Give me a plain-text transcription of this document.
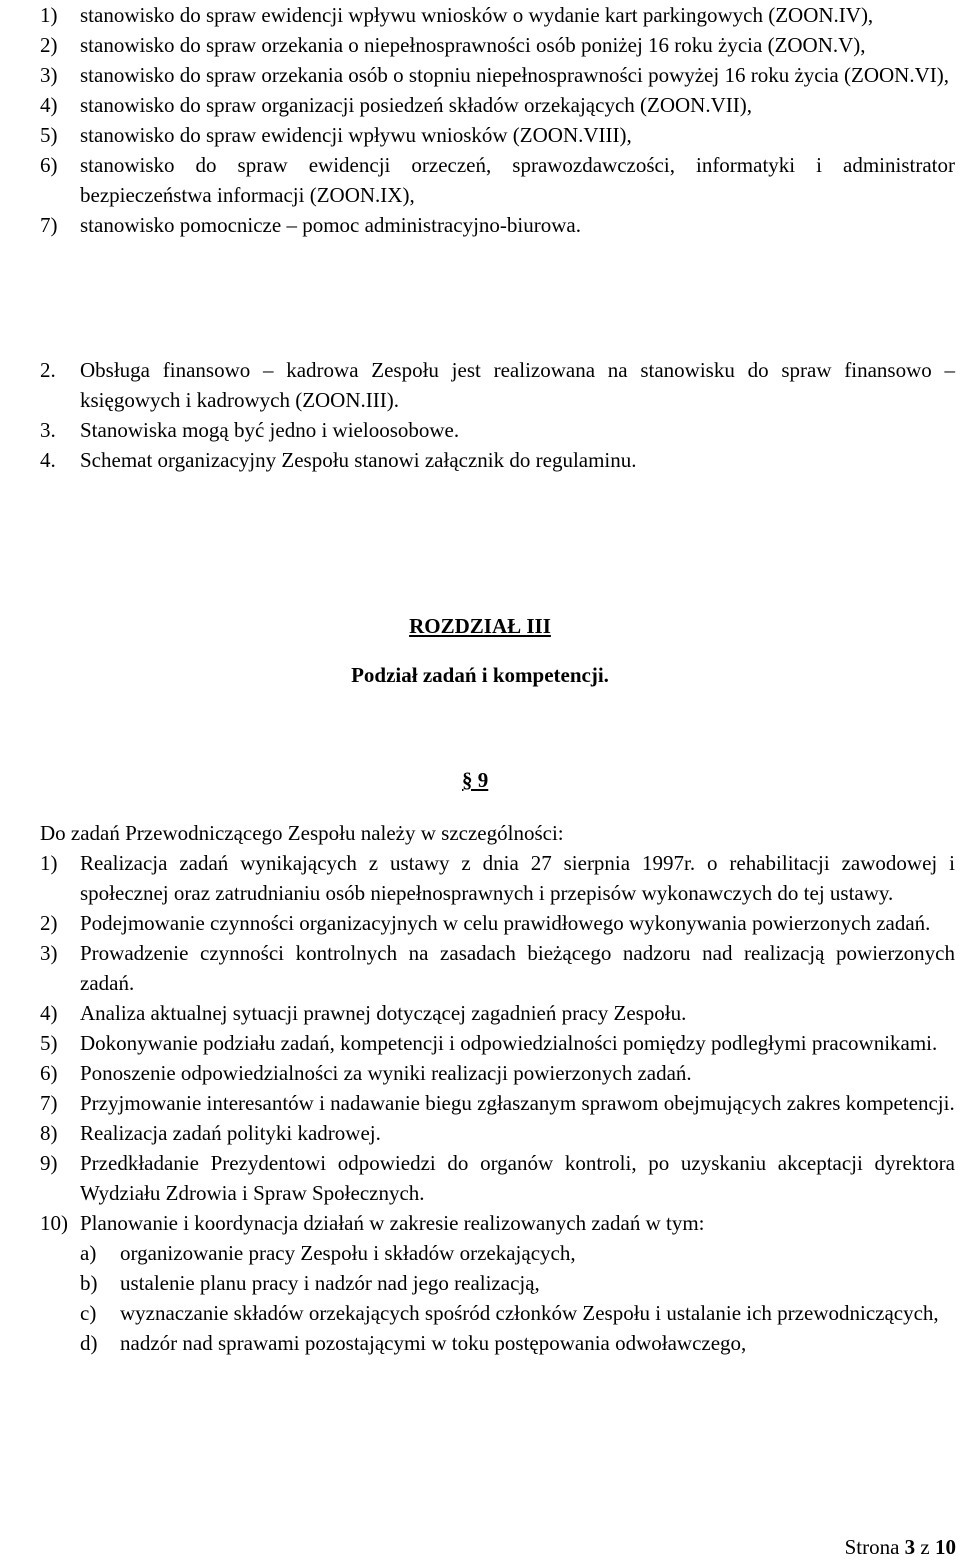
1)	stanowisko do spraw ewidencji wpływu wniosków o wydanie kart parkingowych (ZOON.IV),
2)	stanowisko do spraw orzekania o niepełnosprawności osób poniżej 16 roku życia (ZOON.V),
3)	stanowisko do spraw orzekania osób o stopniu niepełnosprawności powyżej 16 roku życia (ZOON.VI),
4)	stanowisko do spraw organizacji posiedzeń składów orzekających (ZOON.VII),
5)	stanowisko do spraw ewidencji wpływu wniosków (ZOON.VIII),
6)	stanowisko do spraw ewidencji orzeczeń, sprawozdawczości, informatyki i administrator bezpieczeństwa informacji (ZOON.IX),
7)	stanowisko pomocnicze – pomoc administracyjno-biurowa.
2.	Obsługa finansowo – kadrowa Zespołu jest realizowana na stanowisku do spraw finansowo – księgowych i kadrowych (ZOON.III).
3.	Stanowiska mogą być jedno i wieloosobowe.
4.	Schemat organizacyjny Zespołu stanowi załącznik do regulaminu.
ROZDZIAŁ III
Podział zadań i kompetencji.
§ 9
Do zadań Przewodniczącego Zespołu należy w szczególności:
1)	Realizacja zadań wynikających z ustawy z dnia 27 sierpnia 1997r. o rehabilitacji zawodowej i społecznej oraz zatrudnianiu osób niepełnosprawnych i przepisów wykonawczych do tej ustawy.
2)	Podejmowanie czynności organizacyjnych w celu prawidłowego wykonywania powierzonych zadań.
3)	Prowadzenie czynności kontrolnych na zasadach bieżącego nadzoru nad realizacją powierzonych zadań.
4)	Analiza aktualnej sytuacji prawnej dotyczącej zagadnień pracy Zespołu.
5)	Dokonywanie podziału zadań, kompetencji i odpowiedzialności pomiędzy podległymi pracownikami.
6)	Ponoszenie odpowiedzialności za wyniki realizacji powierzonych zadań.
7)	Przyjmowanie interesantów i nadawanie biegu zgłaszanym sprawom obejmujących zakres kompetencji.
8)	Realizacja zadań polityki kadrowej.
9)	Przedkładanie Prezydentowi odpowiedzi do organów kontroli, po uzyskaniu akceptacji dyrektora Wydziału Zdrowia i Spraw Społecznych.
10) Planowanie i koordynacja działań w zakresie realizowanych zadań w tym:
a)	organizowanie pracy Zespołu i składów orzekających,
b)	ustalenie planu pracy i nadzór nad jego realizacją,
c)	wyznaczanie składów orzekających spośród członków Zespołu i ustalanie ich przewodniczących,
d)	nadzór nad sprawami pozostającymi w toku postępowania odwoławczego,
Strona 3 z 10
